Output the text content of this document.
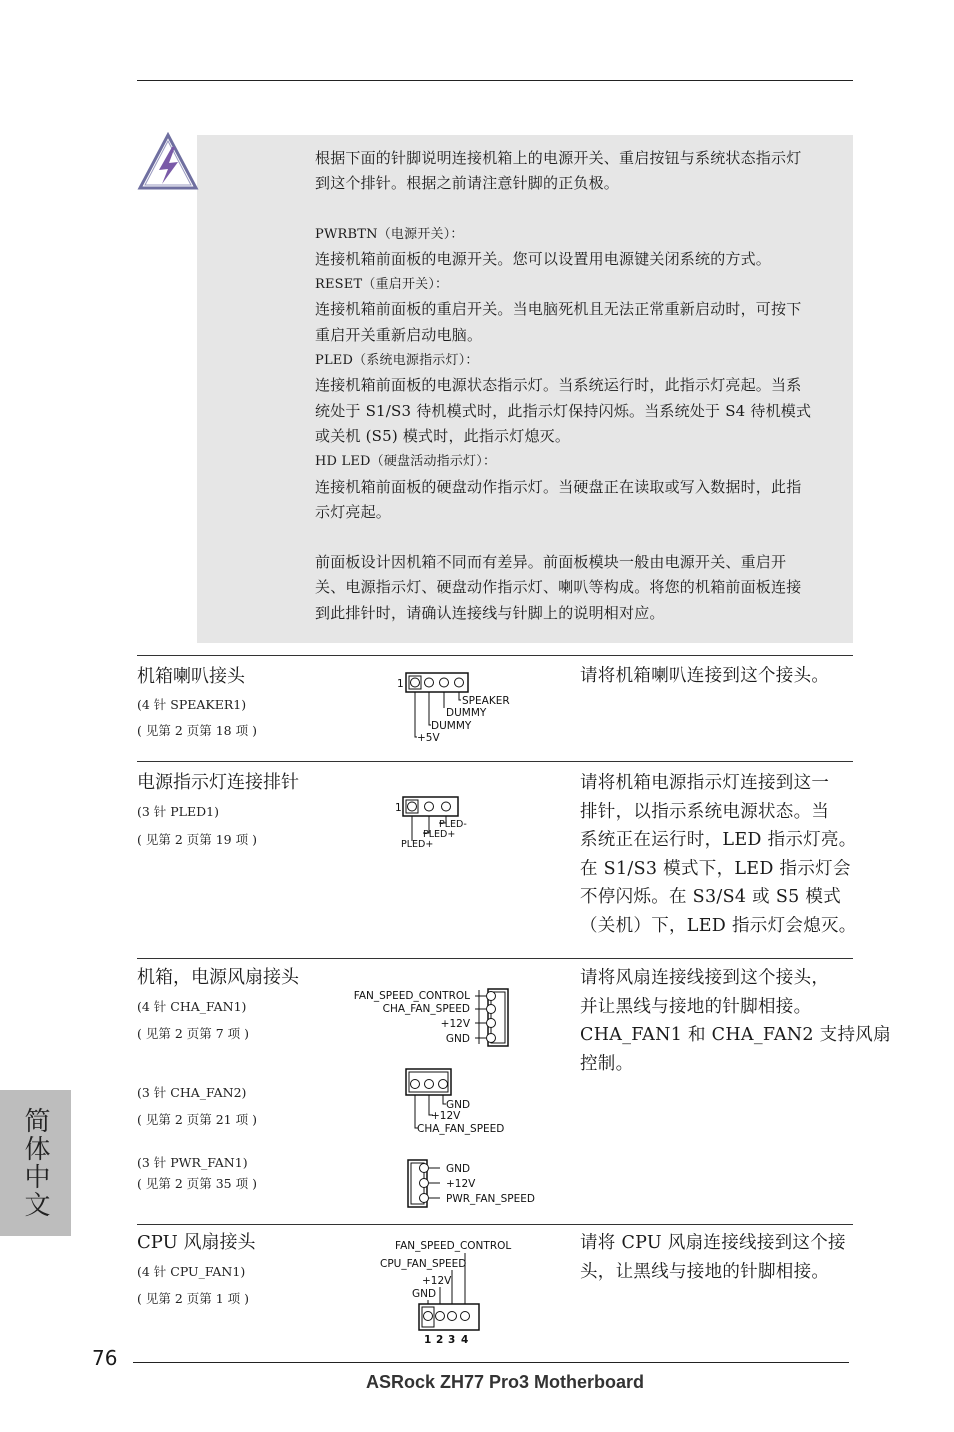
根据下面的针脚说明连接机箱上的电源开关、重启按钮与系统状态指示灯

到这个排针。根据之前请注意针脚的正负极。

PWRBTN（电源开关）：

连接机箱前面板的电源开关。您可以设置用电源键关闭系统的方式。

RESET（重启开关）：

连接机箱前面板的重启开关。当电脑死机且无法正常重新启动时，可按下

重启开关重新启动电脑。

PLED（系统电源指示灯）：

连接机箱前面板的电源状态指示灯。当系统运行时，此指示灯亮起。当系

统处于 S1/S3 待机模式时，此指示灯保持闪烁。当系统处于 S4 待机模式

或关机 (S5) 模式时，此指示灯熄灭。

HD LED（硬盘活动指示灯）：

连接机箱前面板的硬盘动作指示灯。当硬盘正在读取或写入数据时，此指

示灯亮起。

前面板设计因机箱不同而有差异。前面板模块一般由电源开关、重启开

关、电源指示灯、硬盘动作指示灯、喇叭等构成。将您的机箱前面板连接

到此排针时，请确认连接线与针脚上的说明相对应。

机箱喇叭接头
(4 针 SPEAKER1)
( 见第 2 页第 18 项 )
请将机箱喇叭连接到这个接头。
1
SPEAKER
DUMMY
DUMMY
+5V
电源指示灯连接排针
(3 针 PLED1)
( 见第 2 页第 19 项 )
请将机箱电源指示灯连接到这一
排针，以指示系统电源状态。当
系统正在运行时，LED 指示灯亮。
在 S1/S3 模式下，LED 指示灯会
不停闪烁。在 S3/S4 或 S5 模式
（关机）下，LED 指示灯会熄灭。
1
PLED-
PLED+
PLED+
机箱，电源风扇接头
(4 针 CHA_FAN1)
( 见第 2 页第 7 项 )
请将风扇连接线接到这个接头，
并让黑线与接地的针脚相接。
CHA_FAN1 和 CHA_FAN2 支持风扇
控制。
FAN_SPEED_CONTROL
CHA_FAN_SPEED
+12V
GND
(3 针 CHA_FAN2)
( 见第 2 页第 21 项 )
GND
+12V
CHA_FAN_SPEED
(3 针 PWR_FAN1)
( 见第 2 页第 35 项 )
GND
+12V
PWR_FAN_SPEED
CPU 风扇接头
(4 针 CPU_FAN1)
( 见第 2 页第 1 项 )
请将 CPU 风扇连接线接到这个接
头，让黑线与接地的针脚相接。
FAN_SPEED_CONTROL
CPU_FAN_SPEED
+12V
GND
1 2 3 4
简体中文
76
ASRock ZH77 Pro3 Motherboard
